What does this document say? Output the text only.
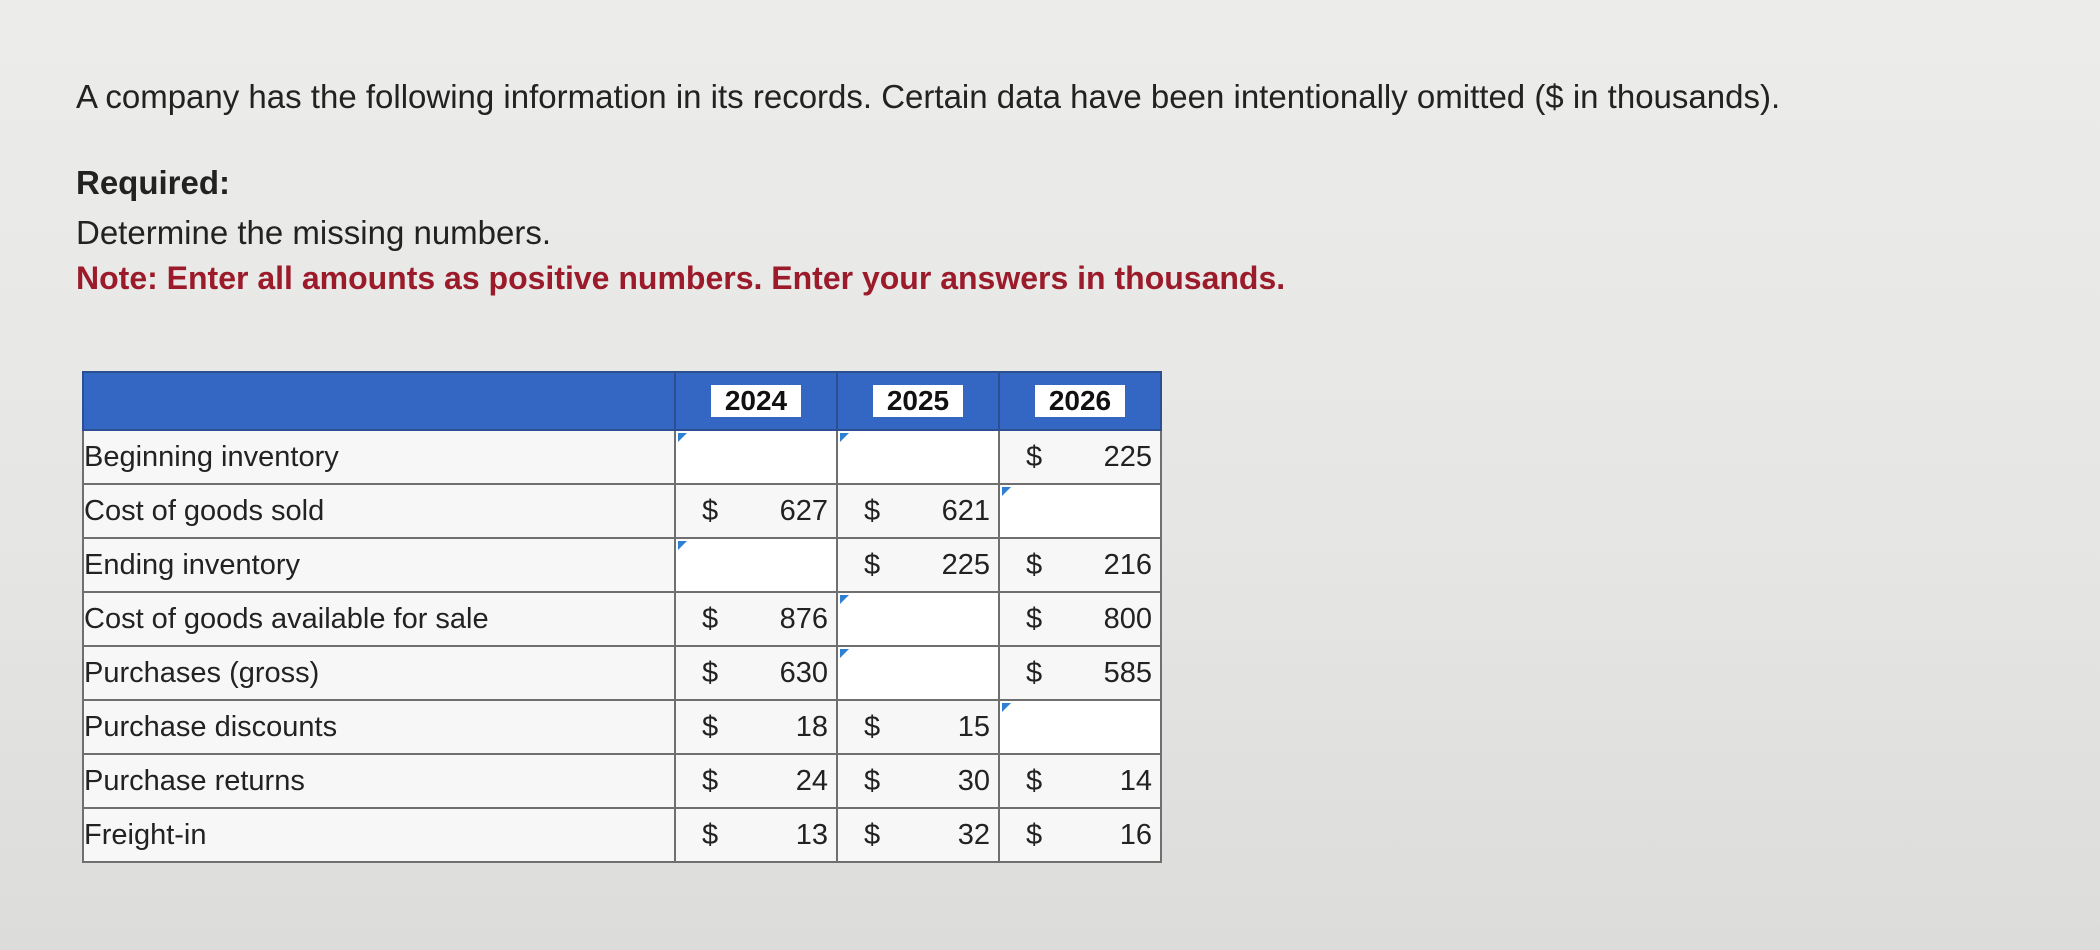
A company has the following information in its records. Certain data have been intentionally omitted ($ in thousands).
Required:
Determine the missing numbers.
Note: Enter all amounts as positive numbers. Enter your answers in thousands.
	2024	2025	2026
Beginning inventory			$ 225

Cost of goods sold	$ 627	$ 621	

Ending inventory		$ 225	$ 216

Cost of goods available for sale	$ 876		$ 800

Purchases (gross)	$ 630		$ 585

Purchase discounts	$ 18	$ 15	

Purchase returns	$ 24	$ 30	$ 14

Freight-in	$ 13	$ 32	$ 16
